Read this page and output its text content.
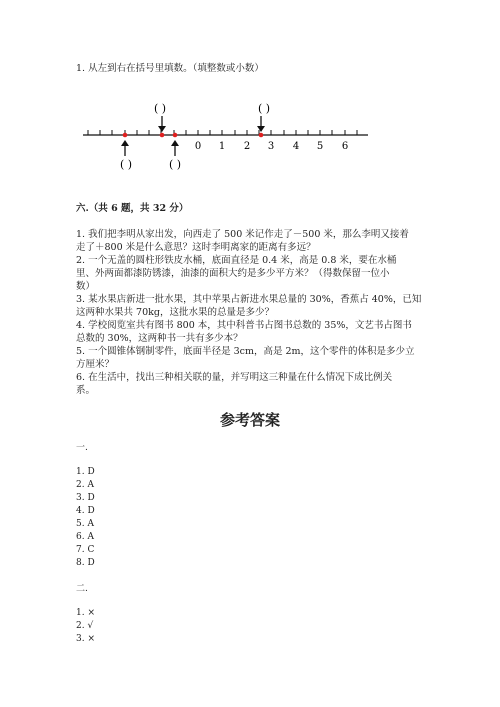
1. 从左到右在括号里填数。（填整数或小数）
( )	( )
( )	( )
0 1 2 3 4 5 6
六.（共 6 题，共 32 分）
1. 我们把李明从家出发，向西走了 500 米记作走了－500 米，那么李明又接着
走了＋800 米是什么意思？这时李明离家的距离有多远？
2. 一个无盖的圆柱形铁皮水桶，底面直径是 0.4 米，高是 0.8 米，要在水桶
里、外两面都漆防锈漆，油漆的面积大约是多少平方米？（得数保留一位小
数）
3. 某水果店新进一批水果，其中苹果占新进水果总量的 30%，香蕉占 40%，已知
这两种水果共 70kg，这批水果的总量是多少？
4. 学校阅览室共有图书 800 本，其中科普书占图书总数的 35%，文艺书占图书
总数的 30%，这两种书一共有多少本？
5. 一个圆锥体钢制零件，底面半径是 3cm，高是 2m，这个零件的体积是多少立
方厘米？
6. 在生活中，找出三种相关联的量，并写明这三种量在什么情况下成比例关
系。
参考答案
一.
1. D
2. A
3. D
4. D
5. A
6. A
7. C
8. D
二.
1. ×
2. √
3. ×
